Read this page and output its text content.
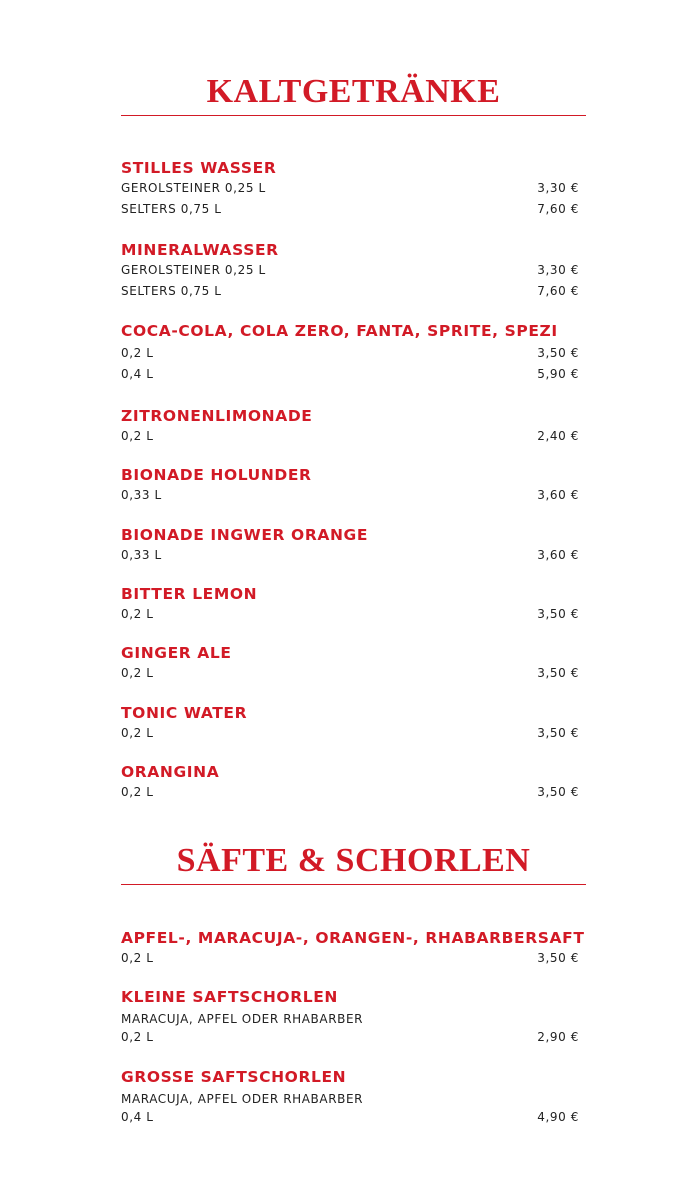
KALTGETRÄNKE
STILLES WASSER
GEROLSTEINER 0,25 L	3,30 €
SELTERS 0,75 L	7,60 €
MINERALWASSER
GEROLSTEINER 0,25 L	3,30 €
SELTERS 0,75 L	7,60 €
COCA-COLA, COLA ZERO, FANTA, SPRITE, SPEZI
0,2 L	3,50 €
0,4 L	5,90 €
ZITRONENLIMONADE
0,2 L	2,40 €
BIONADE HOLUNDER
0,33 L	3,60 €
BIONADE INGWER ORANGE
0,33 L	3,60 €
BITTER LEMON
0,2 L	3,50 €
GINGER ALE
0,2 L	3,50 €
TONIC WATER
0,2 L	3,50 €
ORANGINA
0,2 L	3,50 €
SÄFTE & SCHORLEN
APFEL-, MARACUJA-, ORANGEN-, RHABARBERSAFT
0,2 L	3,50 €
KLEINE SAFTSCHORLEN
MARACUJA, APFEL ODER RHABARBER
0,2 L	2,90 €
GROSSE SAFTSCHORLEN
MARACUJA, APFEL ODER RHABARBER
0,4 L	4,90 €
